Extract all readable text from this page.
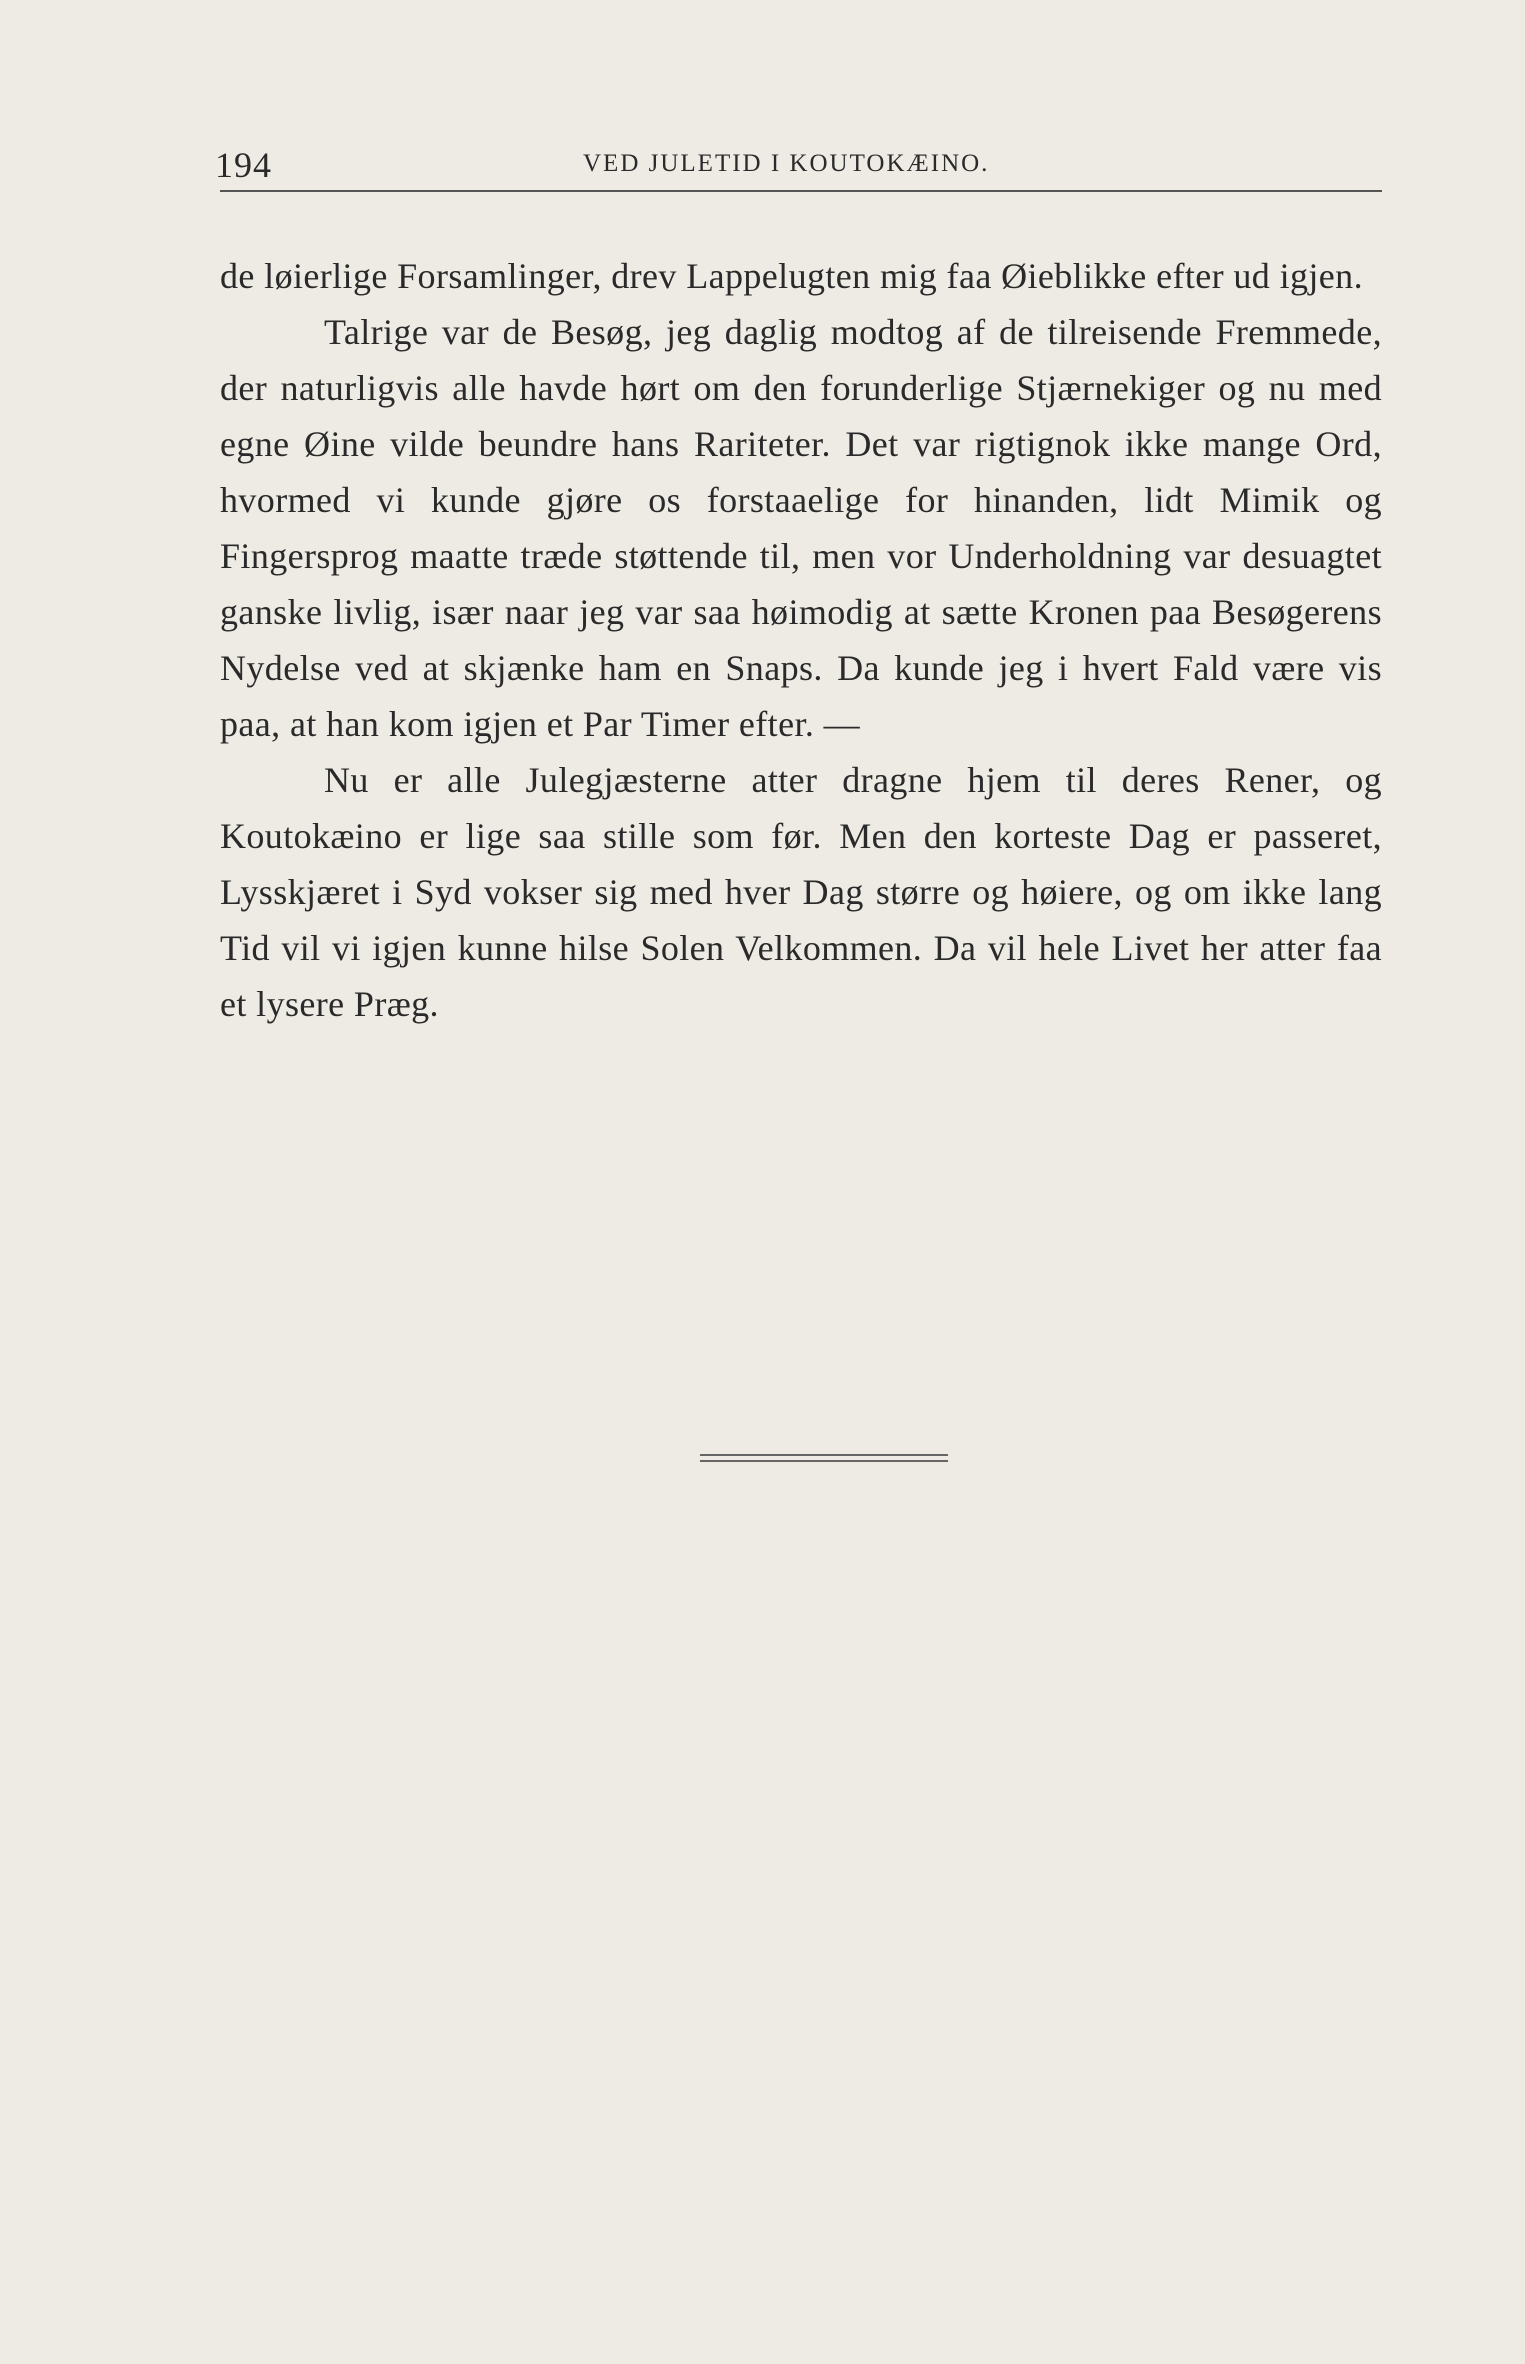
194	VED JULETID I KOUTOKÆINO.

de løierlige Forsamlinger, drev Lappelugten mig faa Øieblikke efter ud igjen.

Talrige var de Besøg, jeg daglig modtog af de tilreisende Fremmede, der naturligvis alle havde hørt om den forunderlige Stjærnekiger og nu med egne Øine vilde beundre hans Rariteter. Det var rigtignok ikke mange Ord, hvormed vi kunde gjøre os forstaaelige for hinanden, lidt Mimik og Fingersprog maatte træde støttende til, men vor Underholdning var desuagtet ganske livlig, især naar jeg var saa høimodig at sætte Kronen paa Besøgerens Nydelse ved at skjænke ham en Snaps. Da kunde jeg i hvert Fald være vis paa, at han kom igjen et Par Timer efter. —

Nu er alle Julegjæsterne atter dragne hjem til deres Rener, og Koutokæino er lige saa stille som før. Men den korteste Dag er passeret, Lysskjæret i Syd vokser sig med hver Dag større og høiere, og om ikke lang Tid vil vi igjen kunne hilse Solen Velkommen. Da vil hele Livet her atter faa et lysere Præg.
